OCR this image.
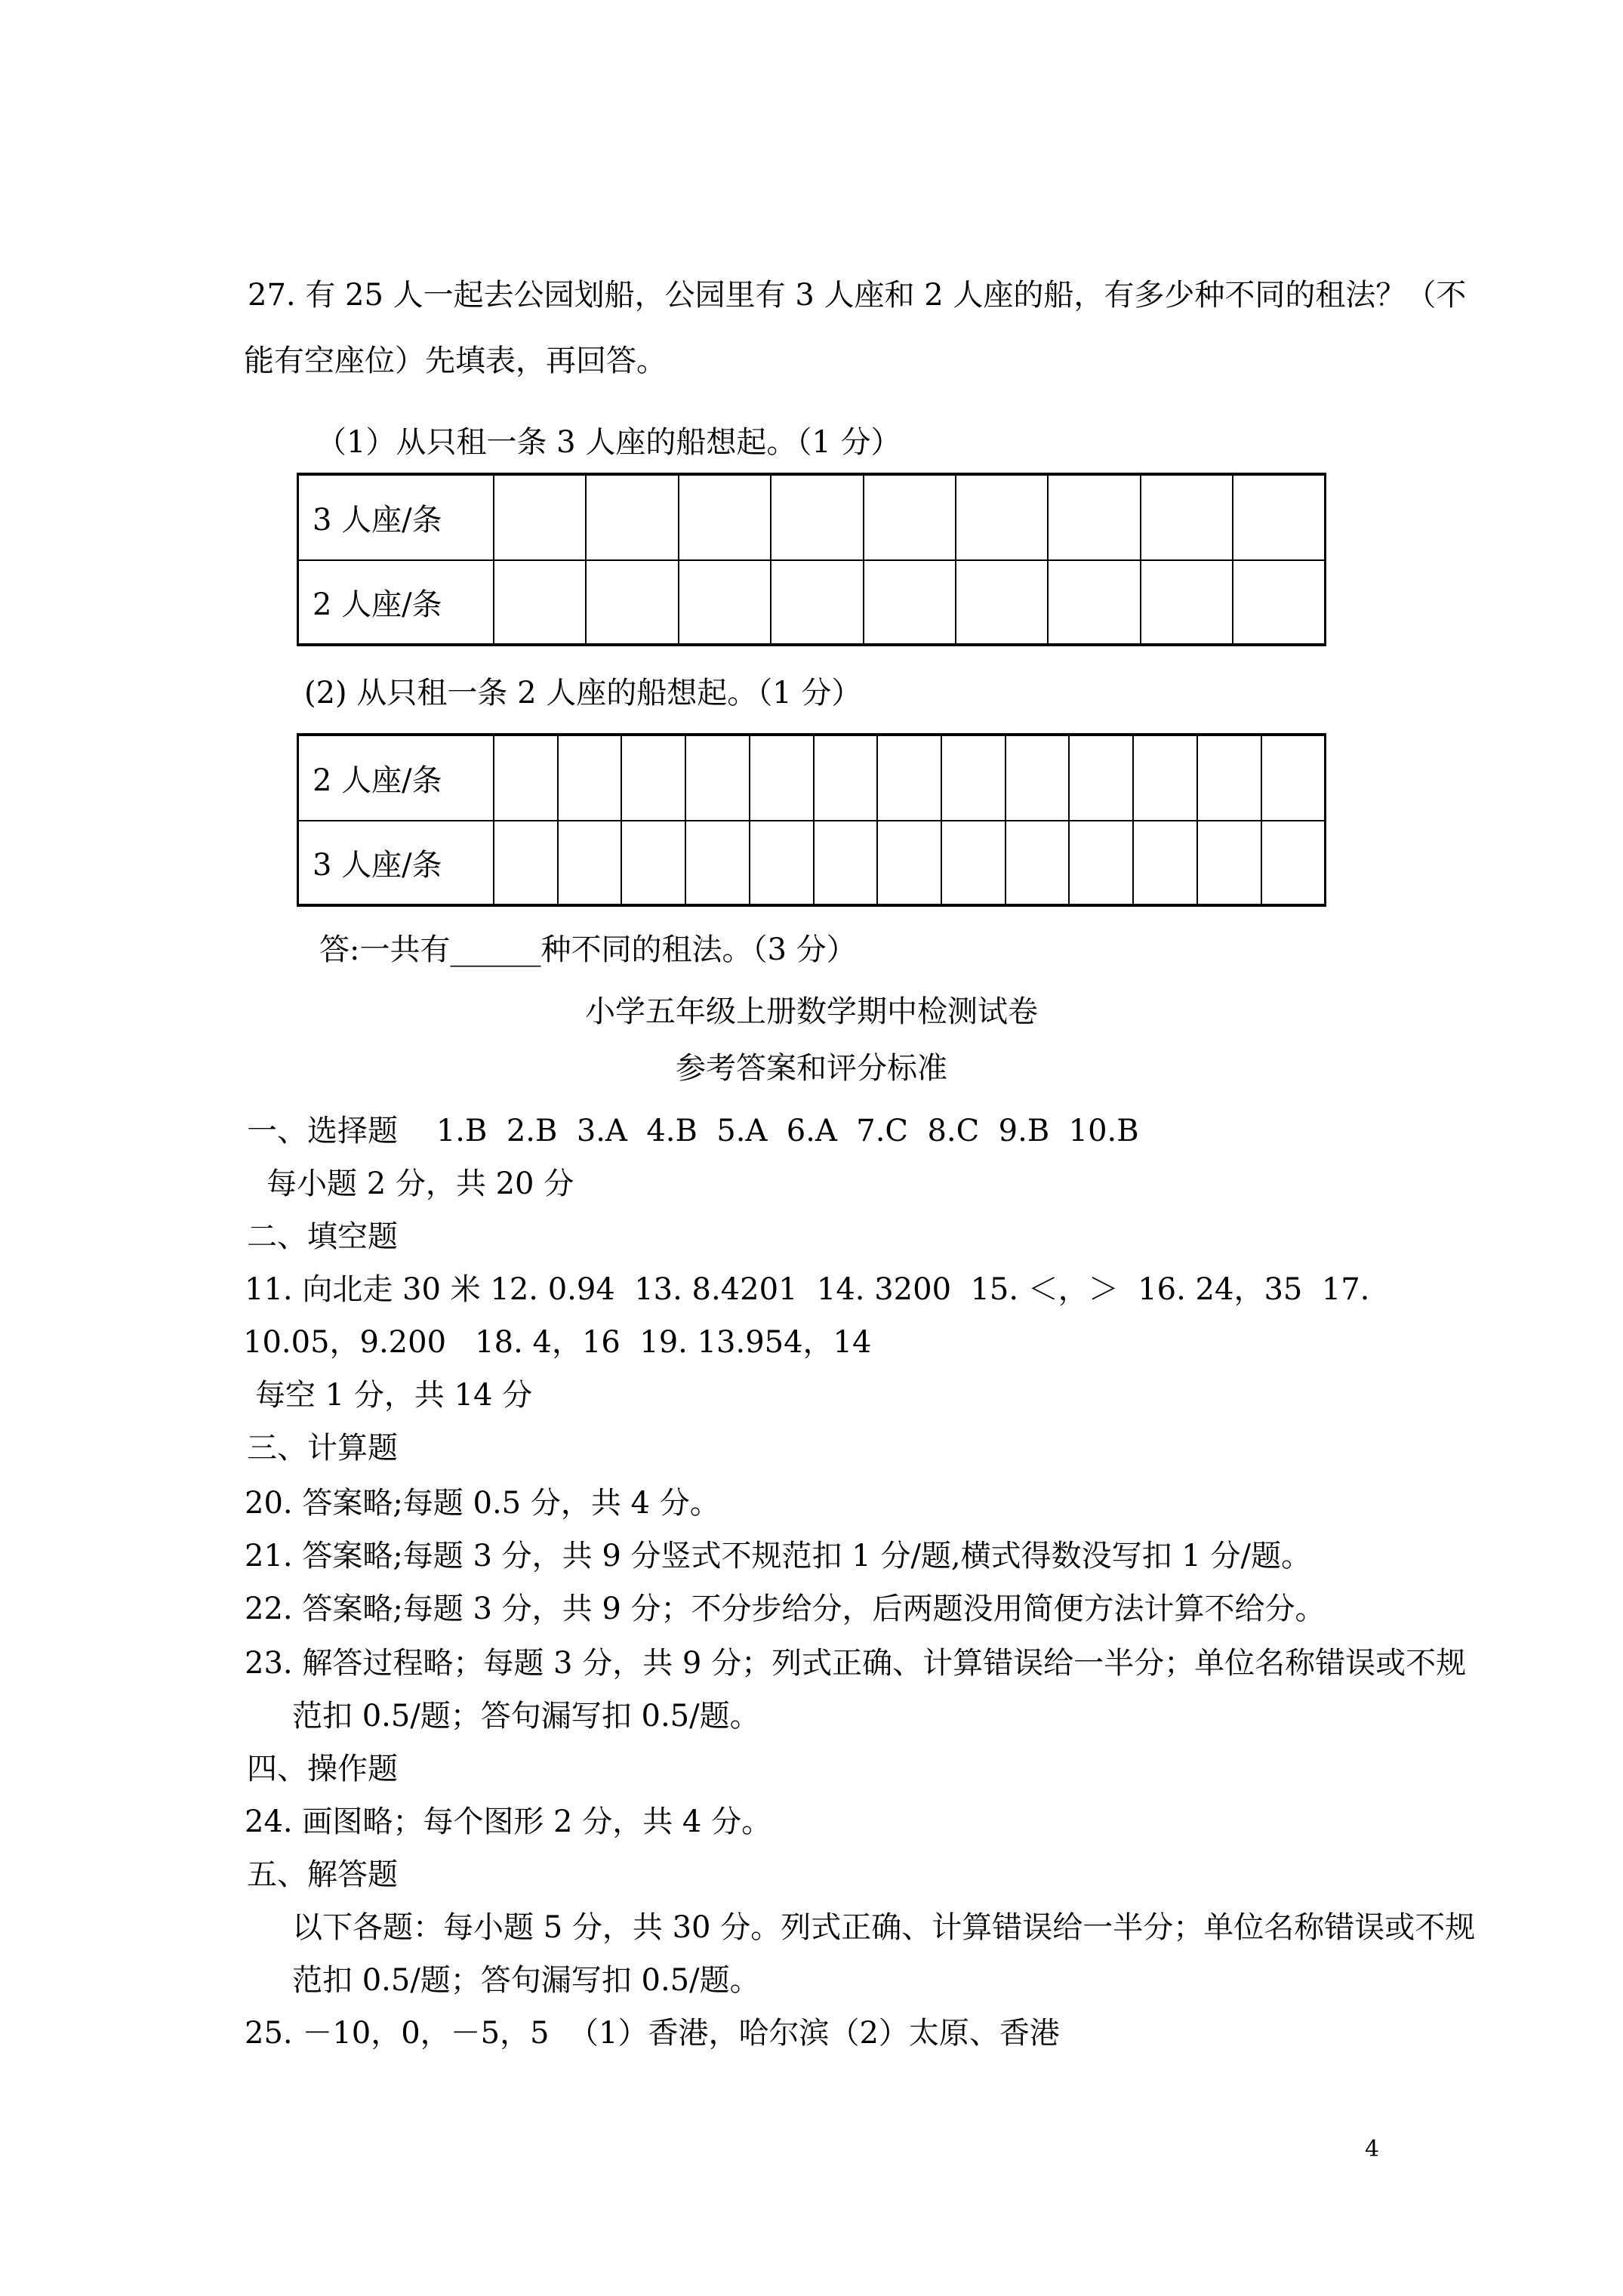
27. 有 25 人一起去公园划船，公园里有 3 人座和 2 人座的船，有多少种不同的租法？（不
能有空座位）先填表，再回答。
（1）从只租一条 3 人座的船想起。（1 分）
3 人座/条									
2 人座/条									
(2) 从只租一条 2 人座的船想起。（1 分）
2 人座/条													
3 人座/条													
答:一共有______种不同的租法。（3 分）
小学五年级上册数学期中检测试卷
参考答案和评分标准
一、选择题    1.B  2.B  3.A  4.B  5.A  6.A  7.C  8.C  9.B  10.B
每小题 2 分，共 20 分
二、填空题
11. 向北走 30 米 12. 0.94  13. 8.4201  14. 3200  15. ＜，＞  16. 24，35  17.
10.05，9.200   18. 4，16  19. 13.954，14
每空 1 分，共 14 分
三、计算题
20. 答案略;每题 0.5 分，共 4 分。
21. 答案略;每题 3 分，共 9 分竖式不规范扣 1 分/题,横式得数没写扣 1 分/题。
22. 答案略;每题 3 分，共 9 分；不分步给分，后两题没用简便方法计算不给分。
23. 解答过程略；每题 3 分，共 9 分；列式正确、计算错误给一半分；单位名称错误或不规
范扣 0.5/题；答句漏写扣 0.5/题。
四、操作题
24. 画图略；每个图形 2 分，共 4 分。
五、解答题
以下各题：每小题 5 分，共 30 分。列式正确、计算错误给一半分；单位名称错误或不规
范扣 0.5/题；答句漏写扣 0.5/题。
25. －10，0，－5，5  （1）香港，哈尔滨（2）太原、香港
4
